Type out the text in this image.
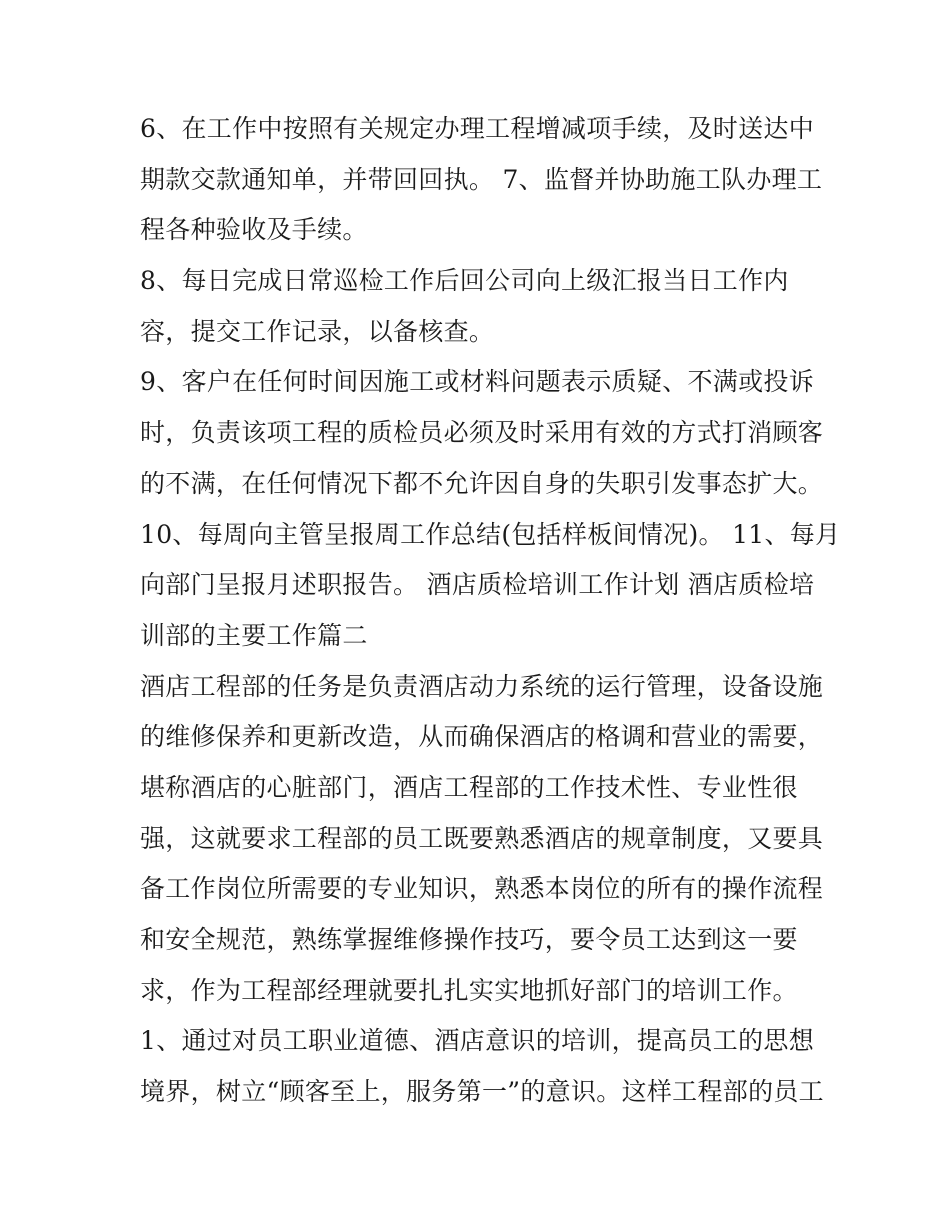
6、在工作中按照有关规定办理工程增减项手续，及时送达中
期款交款通知单，并带回回执。 7、监督并协助施工队办理工
程各种验收及手续。
8、每日完成日常巡检工作后回公司向上级汇报当日工作内
容，提交工作记录，以备核查。
9、客户在任何时间因施工或材料问题表示质疑、不满或投诉
时，负责该项工程的质检员必须及时采用有效的方式打消顾客
的不满，在任何情况下都不允许因自身的失职引发事态扩大。
10、每周向主管呈报周工作总结(包括样板间情况)。 11、每月
向部门呈报月述职报告。 酒店质检培训工作计划 酒店质检培
训部的主要工作篇二
酒店工程部的任务是负责酒店动力系统的运行管理，设备设施
的维修保养和更新改造，从而确保酒店的格调和营业的需要，
堪称酒店的心脏部门，酒店工程部的工作技术性、专业性很
强，这就要求工程部的员工既要熟悉酒店的规章制度，又要具
备工作岗位所需要的专业知识，熟悉本岗位的所有的操作流程
和安全规范，熟练掌握维修操作技巧，要令员工达到这一要
求，作为工程部经理就要扎扎实实地抓好部门的培训工作。
1、通过对员工职业道德、酒店意识的培训，提高员工的思想
境界，树立“顾客至上，服务第一”的意识。这样工程部的员工
